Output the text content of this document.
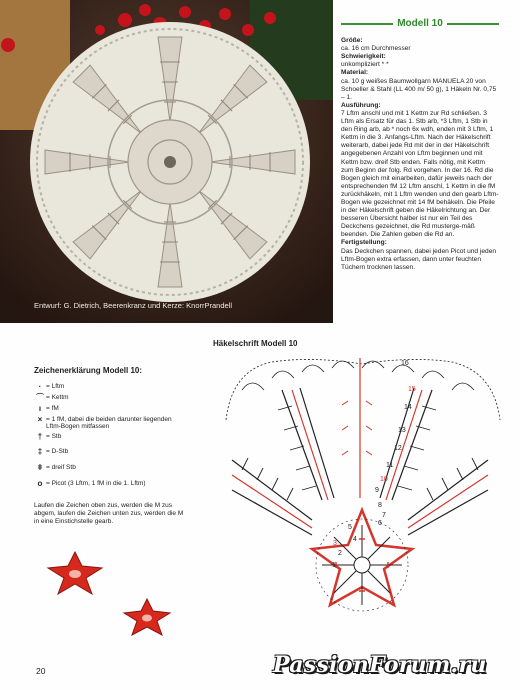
Entwurf: G. Dietrich, Beerenkranz und Kerze: KnorrPrandell
Modell 10
Größe:
ca. 16 cm Durchmesser
Schwierigkeit:
unkompliziert * *
Material:
ca. 10 g weißes Baumwollgarn MANUELA 20 von Schoeller & Stahl (LL 400 m/ 50 g), 1 Häkeln Nr. 0,75 – 1.
Ausführung:
7 Lftm anschl und mit 1 Kettm zur Rd schließen. 3 Lftm als Ersatz für das 1. Stb arb, *3 Lftm, 1 Stb in den Ring arb, ab * noch 6x wdh, enden mit 3 Lftm, 1 Kettm in die 3. Anfangs-Lftm. Nach der Häkelschrift weiterarb, dabei jede Rd mit der in der Häkelschrift angegebenen Anzahl von Lftm beginnen und mit Kettm bzw. dreif Stb enden. Falls nötig, mit Kettm zum Beginn der folg. Rd vorgehen. In der 16. Rd die Bogen gleich mit einarbeiten, dafür jeweils nach der entsprechenden fM 12 Lftm anschl, 1 Kettm in die fM zurückhäkeln, mit 1 Lftm wenden und den gearb Lftm-Bogen wie gezeichnet mit 14 fM behäkeln. Die Pfeile in der Häkelschrift geben die Häkelrichtung an. Der besseren Übersicht halber ist nur ein Teil des Deckchens gezeichnet, die Rd musterge-mäß beenden. Die Zahlen geben die Rd an.
Fertigstellung:
Das Deckchen spannen, dabei jeden Picot und jeden Lftm-Bogen extra erfassen, dann unter feuchten Tüchern trocknen lassen.
Häkelschrift Modell 10
16
15
14
13
12
11
10
9
8
7
6
5
4
3
2
1
Zeichenerklärung Modell 10:
· = Lftm
⌒ = Kettm
ı = fM
× = 1 fM, dabei die beiden darunter liegenden Lftm-Bogen mitfassen
† = Stb
‡ = D-Stb
ǂ = dreif Stb
о = Picot (3 Lftm, 1 fM in die 1. Lftm)
Laufen die Zeichen oben zus, werden die M zus abgem, laufen die Zeichen unten zus, werden die M in eine Einstichstelle gearb.
20	PassionForum.ru
